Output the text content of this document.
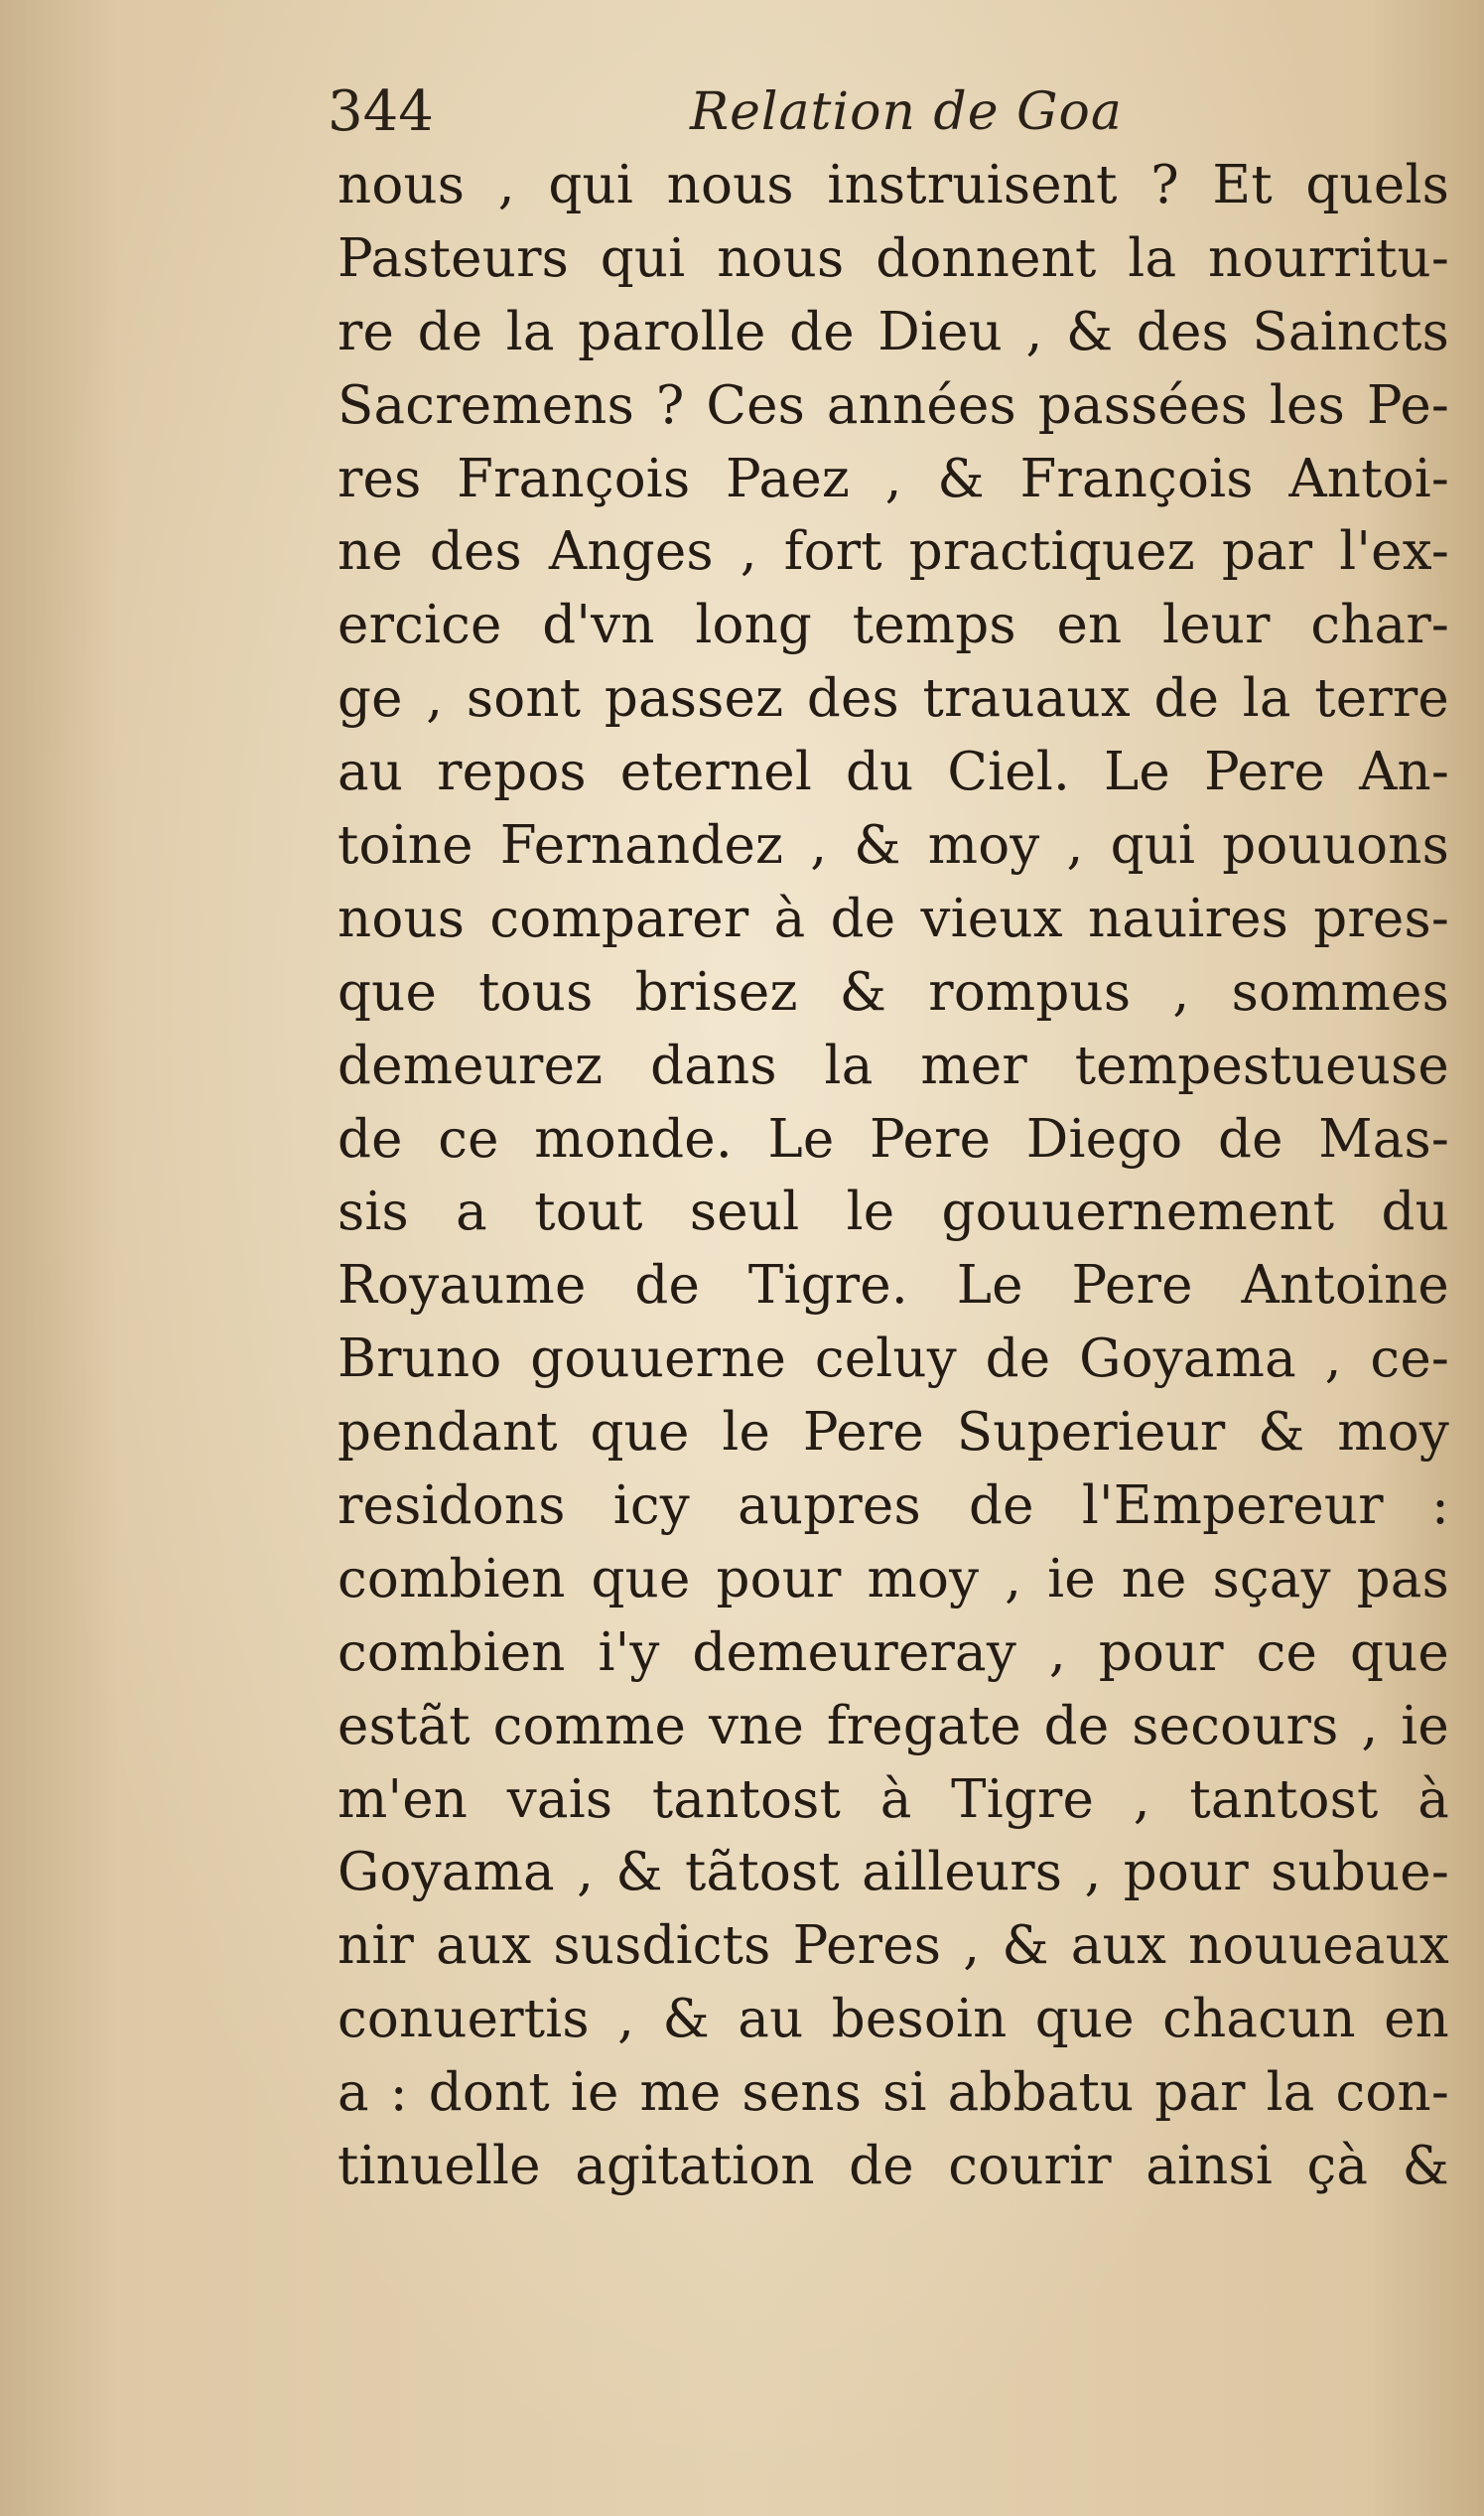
344	Relation de Goa
nous , qui nous instruisent ? Et quels
Pasteurs qui nous donnent la nourritu-
re de la parolle de Dieu , & des Saincts
Sacremens ? Ces années passées les Pe-
res François Paez , & François Antoi-
ne des Anges , fort practiquez par l'ex-
ercice d'vn long temps en leur char-
ge , sont passez des trauaux de la terre
au repos eternel du Ciel. Le Pere An-
toine Fernandez , & moy , qui pouuons
nous comparer à de vieux nauires pres-
que tous brisez & rompus , sommes
demeurez dans la mer tempestueuse
de ce monde. Le Pere Diego de Mas-
sis a tout seul le gouuernement du
Royaume de Tigre. Le Pere Antoine
Bruno gouuerne celuy de Goyama , ce-
pendant que le Pere Superieur & moy
residons icy aupres de l'Empereur :
combien que pour moy , ie ne sçay pas
combien i'y demeureray , pour ce que
estãt comme vne fregate de secours , ie
m'en vais tantost à Tigre , tantost à
Goyama , & tãtost ailleurs , pour subue-
nir aux susdicts Peres , & aux nouueaux
conuertis , & au besoin que chacun en
a : dont ie me sens si abbatu par la con-
tinuelle agitation de courir ainsi çà &
